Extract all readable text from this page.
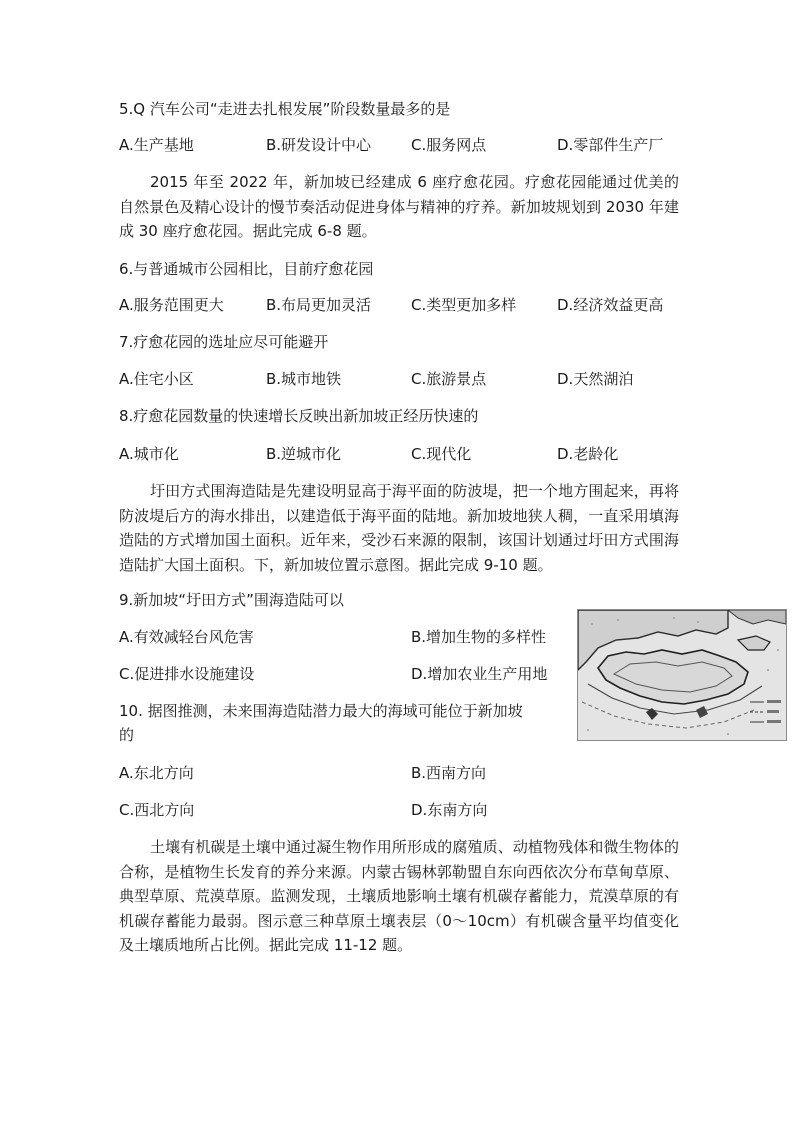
5.Q 汽车公司“走进去扎根发展”阶段数量最多的是
A.生产基地	B.研发设计中心	C.服务网点	D.零部件生产厂
2015 年至 2022 年，新加坡已经建成 6 座疗愈花园。疗愈花园能通过优美的自然景色及精心设计的慢节奏活动促进身体与精神的疗养。新加坡规划到 2030 年建成 30 座疗愈花园。据此完成 6-8 题。
6.与普通城市公园相比，目前疗愈花园
A.服务范围更大	B.布局更加灵活	C.类型更加多样	D.经济效益更高
7.疗愈花园的选址应尽可能避开
A.住宅小区	B.城市地铁	C.旅游景点	D.天然湖泊
8.疗愈花园数量的快速增长反映出新加坡正经历快速的
A.城市化	B.逆城市化	C.现代化	D.老龄化
圩田方式围海造陆是先建设明显高于海平面的防波堤，把一个地方围起来，再将防波堤后方的海水排出，以建造低于海平面的陆地。新加坡地狭人稠，一直采用填海造陆的方式增加国土面积。近年来，受沙石来源的限制，该国计划通过圩田方式围海造陆扩大国土面积。下，新加坡位置示意图。据此完成 9-10 题。
9.新加坡“圩田方式”围海造陆可以
A.有效减轻台风危害	B.增加生物的多样性
C.促进排水设施建设	D.增加农业生产用地
10. 据图推测，未来围海造陆潜力最大的海域可能位于新加坡
的
A.东北方向	B.西南方向
C.西北方向	D.东南方向
土壤有机碳是土壤中通过凝生物作用所形成的腐殖质、动植物残体和微生物体的合称，是植物生长发育的养分来源。内蒙古锡林郭勒盟自东向西依次分布草甸草原、典型草原、荒漠草原。监测发现，土壤质地影响土壤有机碳存蓄能力，荒漠草原的有机碳存蓄能力最弱。图示意三种草原土壤表层（0～10cm）有机碳含量平均值变化及土壤质地所占比例。据此完成 11-12 题。
